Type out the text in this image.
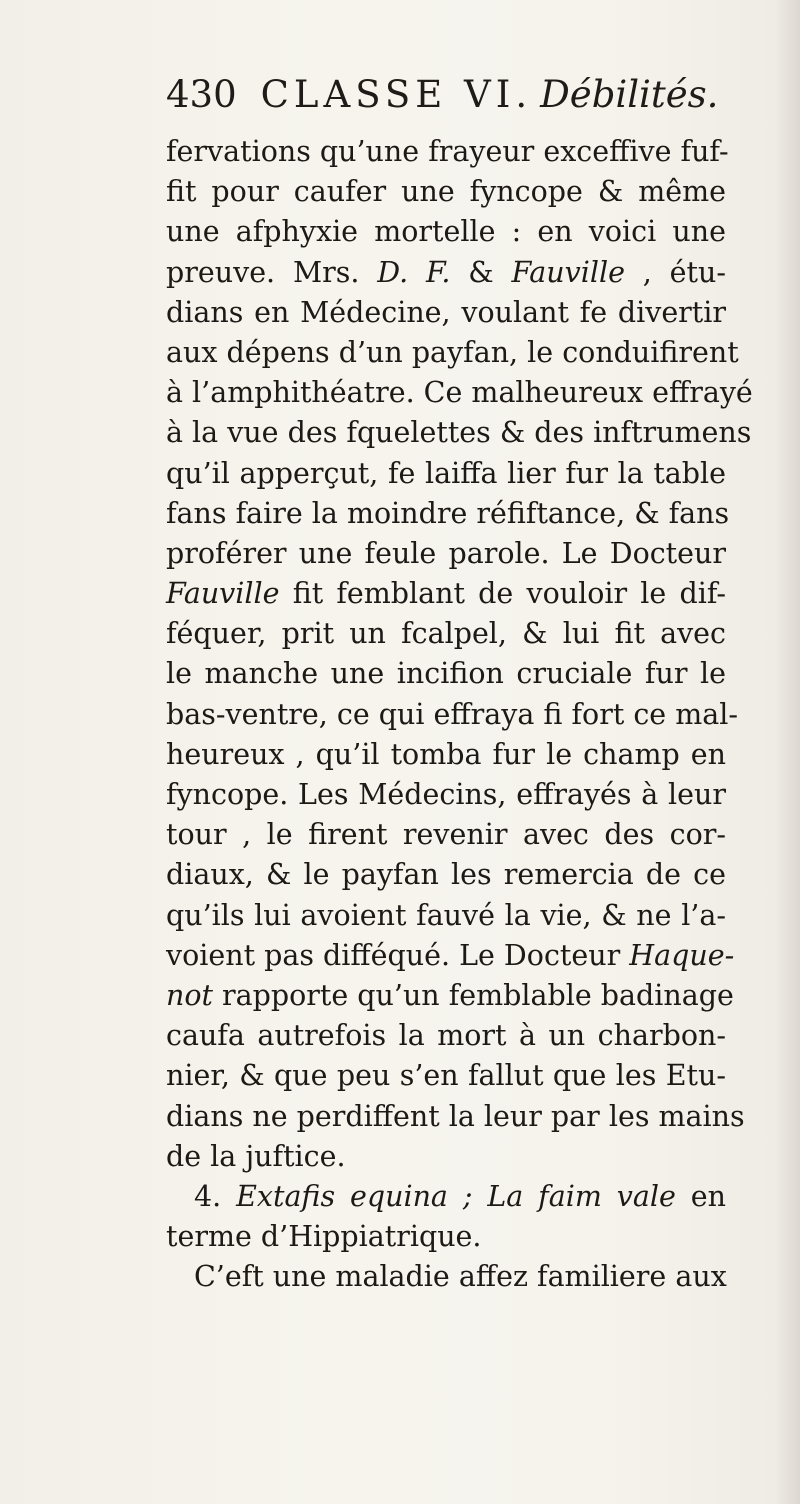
430 CLASSE VI. Débilités.
fervations qu’une frayeur exceffive fuf-
fit pour caufer une fyncope & même
une afphyxie mortelle : en voici une
preuve. Mrs. D. F. & Fauville , étu-
dians en Médecine, voulant fe divertir
aux dépens d’un payfan, le conduifirent
à l’amphithéatre. Ce malheureux effrayé
à la vue des fquelettes & des inftrumens
qu’il apperçut, fe laiffa lier fur la table
fans faire la moindre réfiftance, & fans
proférer une feule parole. Le Docteur
Fauville fit femblant de vouloir le dif-
féquer, prit un fcalpel, & lui fit avec
le manche une incifion cruciale fur le
bas-ventre, ce qui effraya fi fort ce mal-
heureux , qu’il tomba fur le champ en
fyncope. Les Médecins, effrayés à leur
tour , le firent revenir avec des cor-
diaux, & le payfan les remercia de ce
qu’ils lui avoient fauvé la vie, & ne l’a-
voient pas difféqué. Le Docteur Haque-
not rapporte qu’un femblable badinage
caufa autrefois la mort à un charbon-
nier, & que peu s’en fallut que les Etu-
dians ne perdiffent la leur par les mains
de la juftice.
4. Extafis equina ; La faim vale en
terme d’Hippiatrique.
C’eft une maladie affez familiere aux
